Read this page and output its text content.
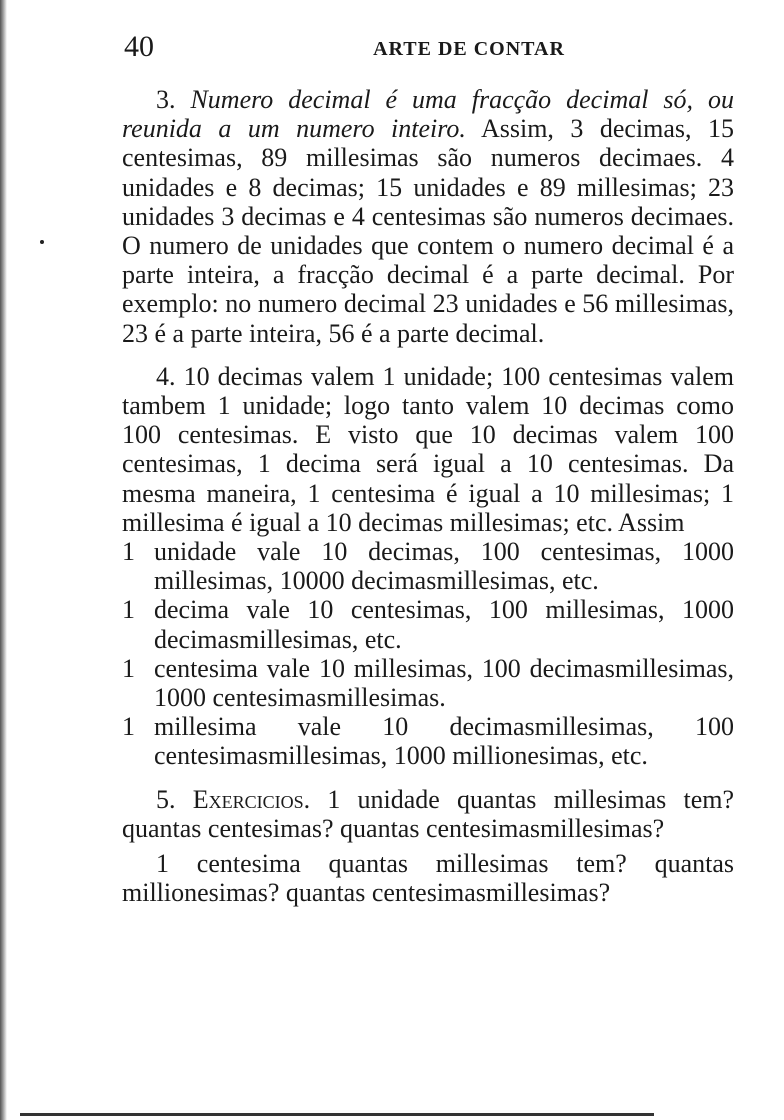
40	ARTE DE CONTAR

3. Numero decimal é uma fracção decimal só, ou reunida a um numero inteiro. Assim, 3 decimas, 15 centesimas, 89 millesimas são numeros decimaes. 4 unidades e 8 decimas; 15 unidades e 89 millesimas; 23 unidades 3 decimas e 4 centesimas são numeros decimaes. O numero de unidades que contem o numero decimal é a parte inteira, a fracção decimal é a parte decimal. Por exemplo: no numero decimal 23 unidades e 56 millesimas, 23 é a parte inteira, 56 é a parte decimal.

4. 10 decimas valem 1 unidade; 100 centesimas valem tambem 1 unidade; logo tanto valem 10 decimas como 100 centesimas. E visto que 10 decimas valem 100 centesimas, 1 decima será igual a 10 centesimas. Da mesma maneira, 1 centesima é igual a 10 millesimas; 1 millesima é igual a 10 decimas millesimas; etc. Assim

1 unidade vale 10 decimas, 100 centesimas, 1000 millesimas, 10000 decimasmillesimas, etc.
1 decima vale 10 centesimas, 100 millesimas, 1000 decimasmillesimas, etc.
1 centesima vale 10 millesimas, 100 decimasmillesimas, 1000 centesimasmillesimas.
1 millesima vale 10 decimasmillesimas, 100 centesimasmillesimas, 1000 millionesimas, etc.

5. Exercicios. 1 unidade quantas millesimas tem? quantas centesimas? quantas centesimasmillesimas?

1 centesima quantas millesimas tem? quantas millionesimas? quantas centesimasmillesimas?
